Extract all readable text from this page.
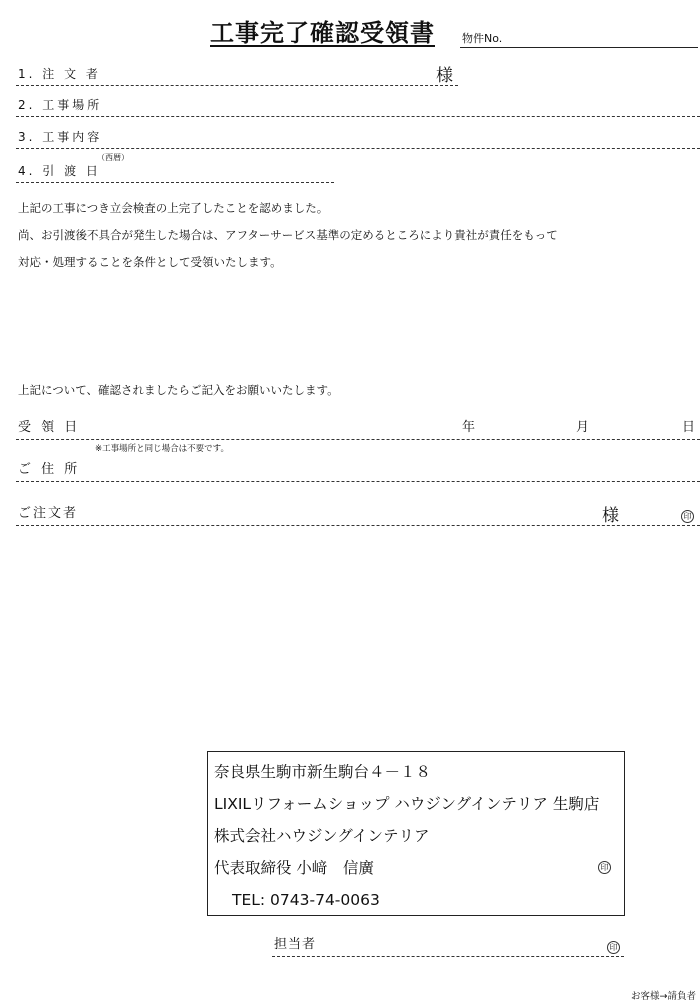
工事完了確認受領書 物件No.
1. 注 文 者	様
2. 工事場所
3. 工事内容
（西暦）
4. 引 渡 日
上記の工事につき立会検査の上完了したことを認めました。
尚、お引渡後不具合が発生した場合は、アフターサービス基準の定めるところにより貴社が責任をもって
対応・処理することを条件として受領いたします。
上記について、確認されましたらご記入をお願いいたします。
受 領 日	年	月	日
※工事場所と同じ場合は不要です。
ご 住 所
ご注文者	様	印
奈良県生駒市新生駒台４－１８
LIXILリフォームショップ ハウジングインテリア 生駒店
株式会社ハウジングインテリア
代表取締役 小﨑　信廣	印
TEL: 0743-74-0063
担当者	印
お客様→請負者
